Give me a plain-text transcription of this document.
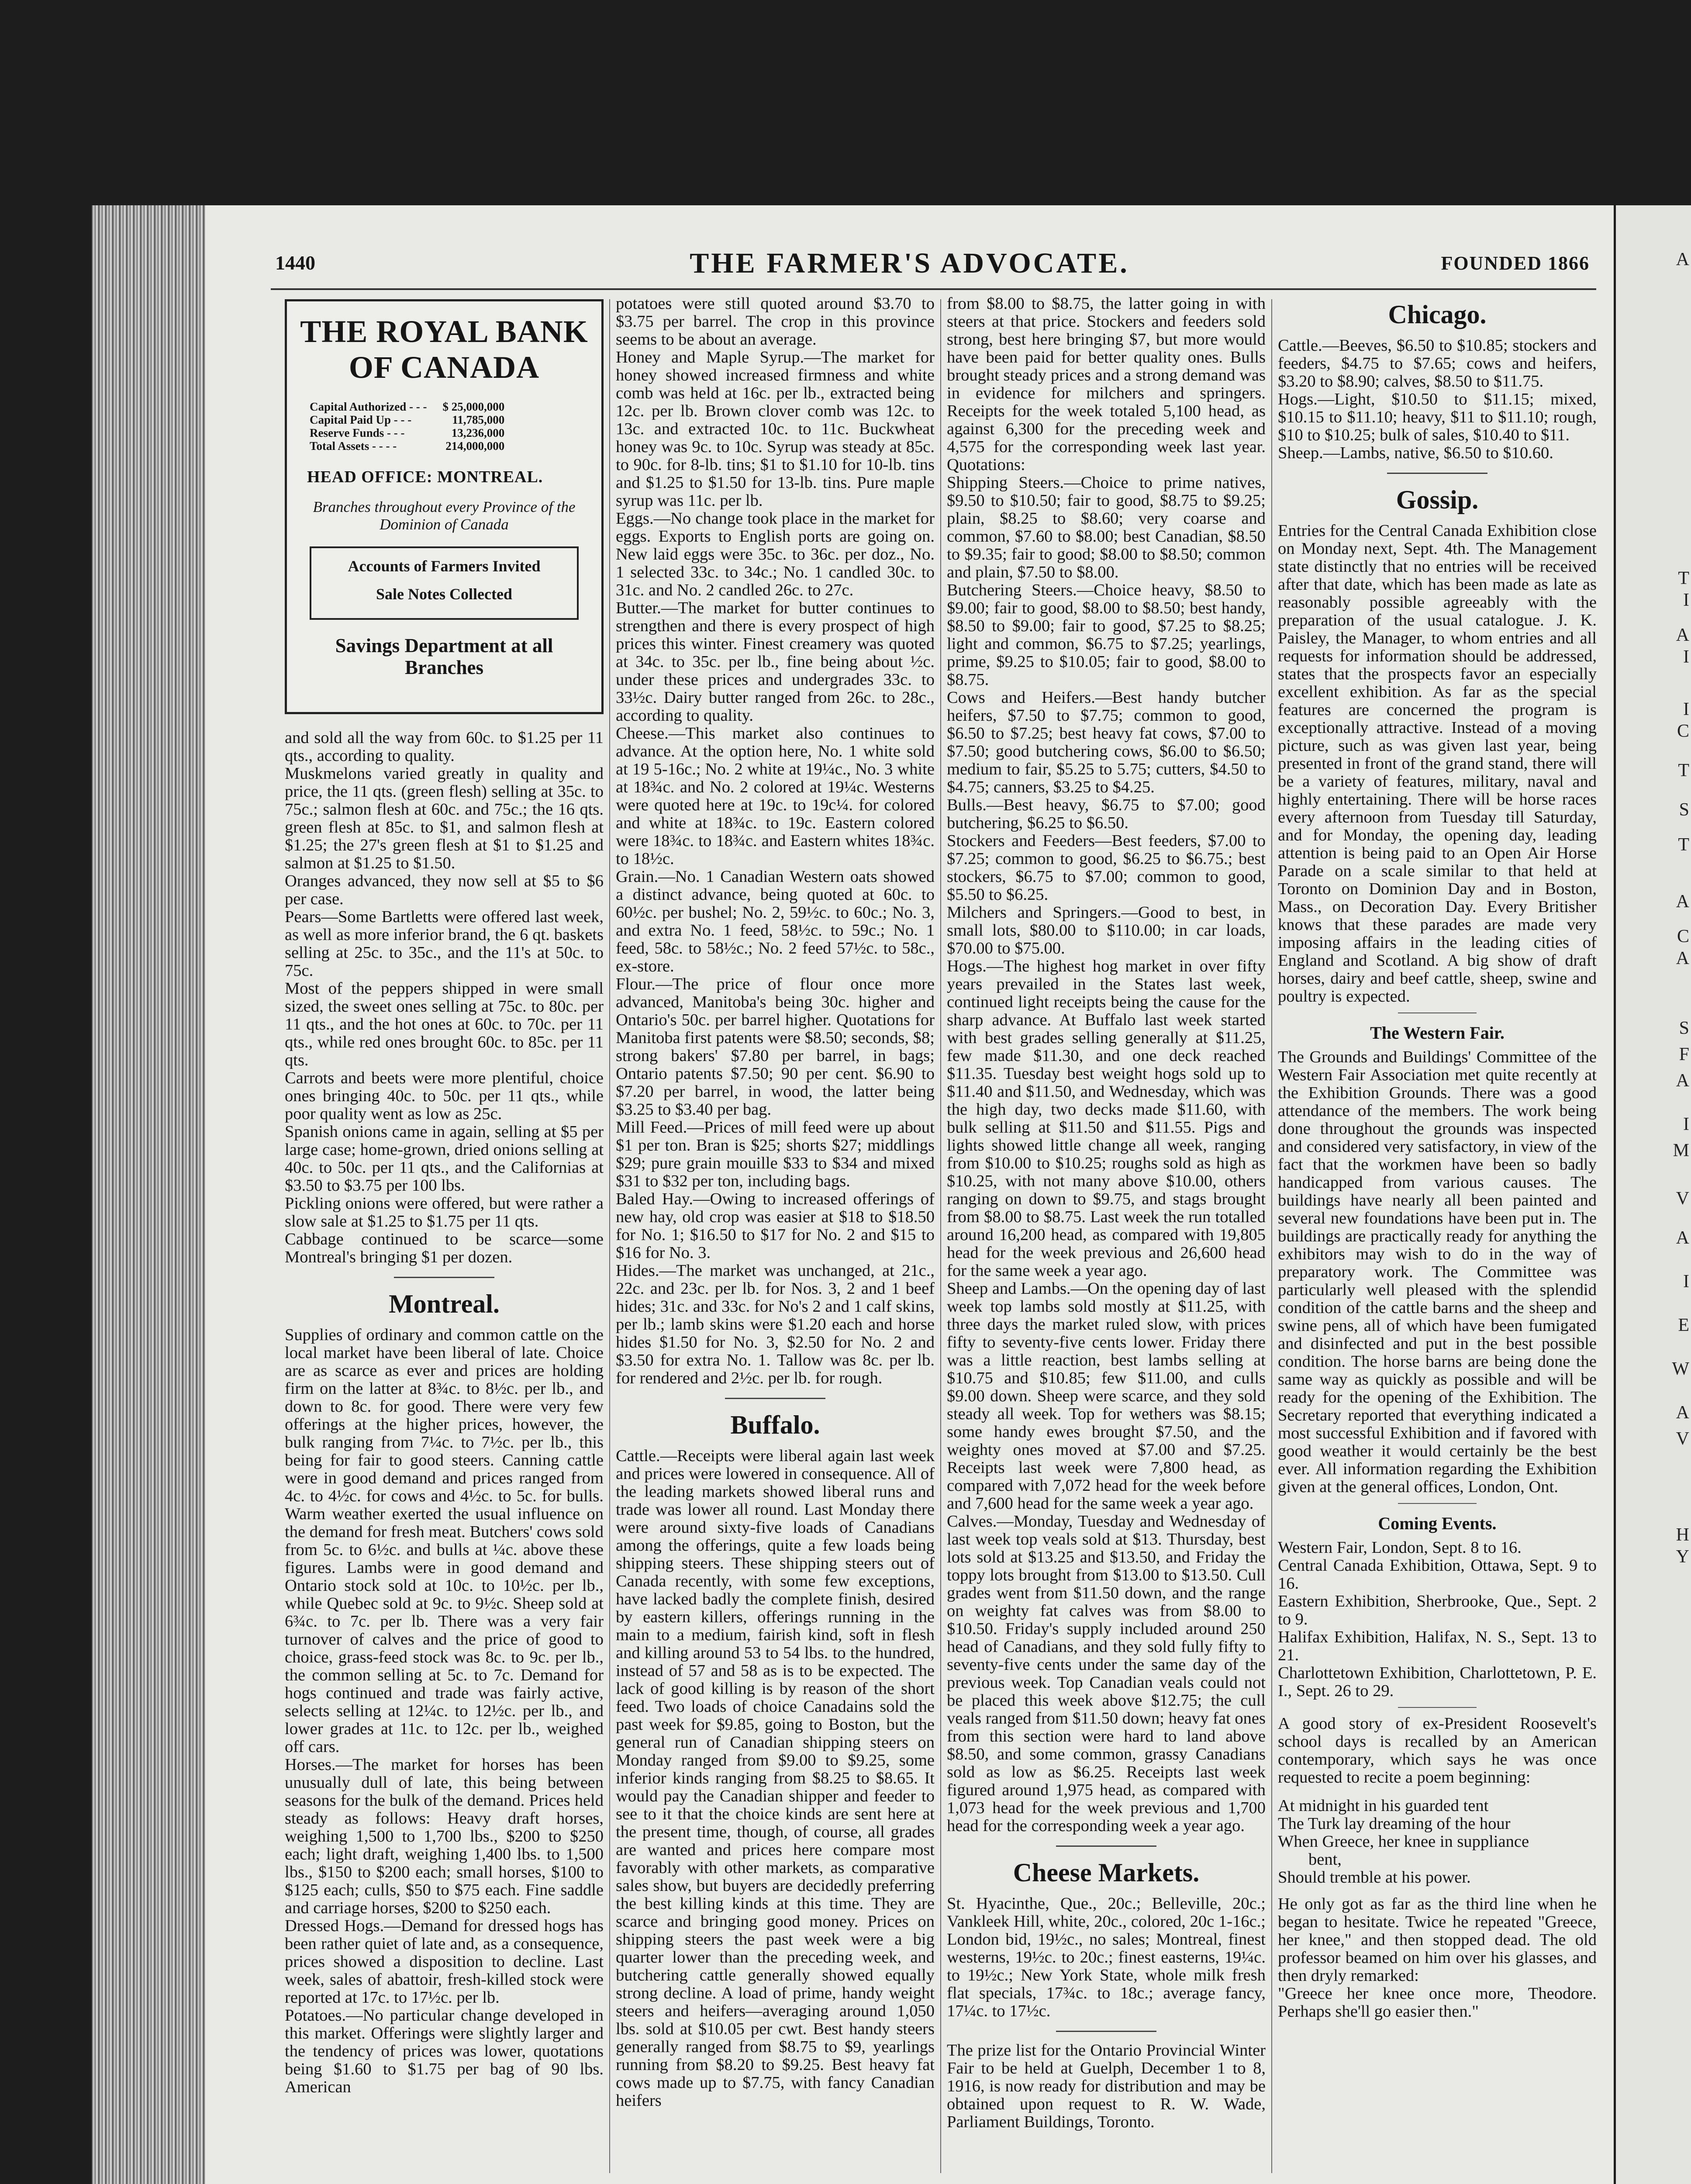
1440	THE FARMER'S ADVOCATE.	FOUNDED 1866
THE ROYAL BANK OF CANADA
Capital Authorized - - -	$ 25,000,000
Capital Paid Up - - -	11,785,000
Reserve Funds - - -	13,236,000
Total Assets - - - -	214,000,000
HEAD OFFICE: MONTREAL.
Branches throughout every Province of the Dominion of Canada
Accounts of Farmers Invited
Sale Notes Collected
Savings Department at all Branches

and sold all the way from 60c. to $1.25 per 11 qts., according to quality.

Muskmelons varied greatly in quality and price, the 11 qts. (green flesh) selling at 35c. to 75c.; salmon flesh at 60c. and 75c.; the 16 qts. green flesh at 85c. to $1, and salmon flesh at $1.25; the 27's green flesh at $1 to $1.25 and salmon at $1.25 to $1.50.

Oranges advanced, they now sell at $5 to $6 per case.

Pears—Some Bartletts were offered last week, as well as more inferior brand, the 6 qt. baskets selling at 25c. to 35c., and the 11's at 50c. to 75c.

Most of the peppers shipped in were small sized, the sweet ones selling at 75c. to 80c. per 11 qts., and the hot ones at 60c. to 70c. per 11 qts., while red ones brought 60c. to 85c. per 11 qts.

Carrots and beets were more plentiful, choice ones bringing 40c. to 50c. per 11 qts., while poor quality went as low as 25c.

Spanish onions came in again, selling at $5 per large case; home-grown, dried onions selling at 40c. to 50c. per 11 qts., and the Californias at $3.50 to $3.75 per 100 lbs.

Pickling onions were offered, but were rather a slow sale at $1.25 to $1.75 per 11 qts.

Cabbage continued to be scarce—some Montreal's bringing $1 per dozen.

Montreal.

Supplies of ordinary and common cattle on the local market have been liberal of late. Choice are as scarce as ever and prices are holding firm on the latter at 8¾c. to 8½c. per lb., and down to 8c. for good. There were very few offerings at the higher prices, however, the bulk ranging from 7¼c. to 7½c. per lb., this being for fair to good steers. Canning cattle were in good demand and prices ranged from 4c. to 4½c. for cows and 4½c. to 5c. for bulls. Warm weather exerted the usual influence on the demand for fresh meat. Butchers' cows sold from 5c. to 6½c. and bulls at ¼c. above these figures. Lambs were in good demand and Ontario stock sold at 10c. to 10½c. per lb., while Quebec sold at 9c. to 9½c. Sheep sold at 6¾c. to 7c. per lb. There was a very fair turnover of calves and the price of good to choice, grass-feed stock was 8c. to 9c. per lb., the common selling at 5c. to 7c. Demand for hogs continued and trade was fairly active, selects selling at 12¼c. to 12½c. per lb., and lower grades at 11c. to 12c. per lb., weighed off cars.

Horses.—The market for horses has been unusually dull of late, this being between seasons for the bulk of the demand. Prices held steady as follows: Heavy draft horses, weighing 1,500 to 1,700 lbs., $200 to $250 each; light draft, weighing 1,400 lbs. to 1,500 lbs., $150 to $200 each; small horses, $100 to $125 each; culls, $50 to $75 each. Fine saddle and carriage horses, $200 to $250 each.

Dressed Hogs.—Demand for dressed hogs has been rather quiet of late and, as a consequence, prices showed a disposition to decline. Last week, sales of abattoir, fresh-killed stock were reported at 17c. to 17½c. per lb.

Potatoes.—No particular change developed in this market. Offerings were slightly larger and the tendency of prices was lower, quotations being $1.60 to $1.75 per bag of 90 lbs. American

potatoes were still quoted around $3.70 to $3.75 per barrel. The crop in this province seems to be about an average.

Honey and Maple Syrup.—The market for honey showed increased firmness and white comb was held at 16c. per lb., extracted being 12c. per lb. Brown clover comb was 12c. to 13c. and extracted 10c. to 11c. Buckwheat honey was 9c. to 10c. Syrup was steady at 85c. to 90c. for 8-lb. tins; $1 to $1.10 for 10-lb. tins and $1.25 to $1.50 for 13-lb. tins. Pure maple syrup was 11c. per lb.

Eggs.—No change took place in the market for eggs. Exports to English ports are going on. New laid eggs were 35c. to 36c. per doz., No. 1 selected 33c. to 34c.; No. 1 candled 30c. to 31c. and No. 2 candled 26c. to 27c.

Butter.—The market for butter continues to strengthen and there is every prospect of high prices this winter. Finest creamery was quoted at 34c. to 35c. per lb., fine being about ½c. under these prices and undergrades 33c. to 33½c. Dairy butter ranged from 26c. to 28c., according to quality.

Cheese.—This market also continues to advance. At the option here, No. 1 white sold at 19 5-16c.; No. 2 white at 19¼c., No. 3 white at 18¾c. and No. 2 colored at 19¼c. Westerns were quoted here at 19c. to 19c¼. for colored and white at 18¾c. to 19c. Eastern colored were 18¾c. to 18¾c. and Eastern whites 18¾c. to 18½c.

Grain.—No. 1 Canadian Western oats showed a distinct advance, being quoted at 60c. to 60½c. per bushel; No. 2, 59½c. to 60c.; No. 3, and extra No. 1 feed, 58½c. to 59c.; No. 1 feed, 58c. to 58½c.; No. 2 feed 57½c. to 58c., ex-store.

Flour.—The price of flour once more advanced, Manitoba's being 30c. higher and Ontario's 50c. per barrel higher. Quotations for Manitoba first patents were $8.50; seconds, $8; strong bakers' $7.80 per barrel, in bags; Ontario patents $7.50; 90 per cent. $6.90 to $7.20 per barrel, in wood, the latter being $3.25 to $3.40 per bag.

Mill Feed.—Prices of mill feed were up about $1 per ton. Bran is $25; shorts $27; middlings $29; pure grain mouille $33 to $34 and mixed $31 to $32 per ton, including bags.

Baled Hay.—Owing to increased offerings of new hay, old crop was easier at $18 to $18.50 for No. 1; $16.50 to $17 for No. 2 and $15 to $16 for No. 3.

Hides.—The market was unchanged, at 21c., 22c. and 23c. per lb. for Nos. 3, 2 and 1 beef hides; 31c. and 33c. for No's 2 and 1 calf skins, per lb.; lamb skins were $1.20 each and horse hides $1.50 for No. 3, $2.50 for No. 2 and $3.50 for extra No. 1. Tallow was 8c. per lb. for rendered and 2½c. per lb. for rough.

Buffalo.

Cattle.—Receipts were liberal again last week and prices were lowered in consequence. All of the leading markets showed liberal runs and trade was lower all round. Last Monday there were around sixty-five loads of Canadians among the offerings, quite a few loads being shipping steers. These shipping steers out of Canada recently, with some few exceptions, have lacked badly the complete finish, desired by eastern killers, offerings running in the main to a medium, fairish kind, soft in flesh and killing around 53 to 54 lbs. to the hundred, instead of 57 and 58 as is to be expected. The lack of good killing is by reason of the short feed. Two loads of choice Canadains sold the past week for $9.85, going to Boston, but the general run of Canadian shipping steers on Monday ranged from $9.00 to $9.25, some inferior kinds ranging from $8.25 to $8.65. It would pay the Canadian shipper and feeder to see to it that the choice kinds are sent here at the present time, though, of course, all grades are wanted and prices here compare most favorably with other markets, as comparative sales show, but buyers are decidedly preferring the best killing kinds at this time. They are scarce and bringing good money. Prices on shipping steers the past week were a big quarter lower than the preceding week, and butchering cattle generally showed equally strong decline. A load of prime, handy weight steers and heifers—averaging around 1,050 lbs. sold at $10.05 per cwt. Best handy steers generally ranged from $8.75 to $9, yearlings running from $8.20 to $9.25. Best heavy fat cows made up to $7.75, with fancy Canadian heifers

from $8.00 to $8.75, the latter going in with steers at that price. Stockers and feeders sold strong, best here bringing $7, but more would have been paid for better quality ones. Bulls brought steady prices and a strong demand was in evidence for milchers and springers. Receipts for the week totaled 5,100 head, as against 6,300 for the preceding week and 4,575 for the corresponding week last year. Quotations:

Shipping Steers.—Choice to prime natives, $9.50 to $10.50; fair to good, $8.75 to $9.25; plain, $8.25 to $8.60; very coarse and common, $7.60 to $8.00; best Canadian, $8.50 to $9.35; fair to good; $8.00 to $8.50; common and plain, $7.50 to $8.00.

Butchering Steers.—Choice heavy, $8.50 to $9.00; fair to good, $8.00 to $8.50; best handy, $8.50 to $9.00; fair to good, $7.25 to $8.25; light and common, $6.75 to $7.25; yearlings, prime, $9.25 to $10.05; fair to good, $8.00 to $8.75.

Cows and Heifers.—Best handy butcher heifers, $7.50 to $7.75; common to good, $6.50 to $7.25; best heavy fat cows, $7.00 to $7.50; good butchering cows, $6.00 to $6.50; medium to fair, $5.25 to 5.75; cutters, $4.50 to $4.75; canners, $3.25 to $4.25.

Bulls.—Best heavy, $6.75 to $7.00; good butchering, $6.25 to $6.50.

Stockers and Feeders—Best feeders, $7.00 to $7.25; common to good, $6.25 to $6.75.; best stockers, $6.75 to $7.00; common to good, $5.50 to $6.25.

Milchers and Springers.—Good to best, in small lots, $80.00 to $110.00; in car loads, $70.00 to $75.00.

Hogs.—The highest hog market in over fifty years prevailed in the States last week, continued light receipts being the cause for the sharp advance. At Buffalo last week started with best grades selling generally at $11.25, few made $11.30, and one deck reached $11.35. Tuesday best weight hogs sold up to $11.40 and $11.50, and Wednesday, which was the high day, two decks made $11.60, with bulk selling at $11.50 and $11.55. Pigs and lights showed little change all week, ranging from $10.00 to $10.25; roughs sold as high as $10.25, with not many above $10.00, others ranging on down to $9.75, and stags brought from $8.00 to $8.75. Last week the run totalled around 16,200 head, as compared with 19,805 head for the week previous and 26,600 head for the same week a year ago.

Sheep and Lambs.—On the opening day of last week top lambs sold mostly at $11.25, with three days the market ruled slow, with prices fifty to seventy-five cents lower. Friday there was a little reaction, best lambs selling at $10.75 and $10.85; few $11.00, and culls $9.00 down. Sheep were scarce, and they sold steady all week. Top for wethers was $8.15; some handy ewes brought $7.50, and the weighty ones moved at $7.00 and $7.25. Receipts last week were 7,800 head, as compared with 7,072 head for the week before and 7,600 head for the same week a year ago.

Calves.—Monday, Tuesday and Wednesday of last week top veals sold at $13. Thursday, best lots sold at $13.25 and $13.50, and Friday the toppy lots brought from $13.00 to $13.50. Cull grades went from $11.50 down, and the range on weighty fat calves was from $8.00 to $10.50. Friday's supply included around 250 head of Canadians, and they sold fully fifty to seventy-five cents under the same day of the previous week. Top Canadian veals could not be placed this week above $12.75; the cull veals ranged from $11.50 down; heavy fat ones from this section were hard to land above $8.50, and some common, grassy Canadians sold as low as $6.25. Receipts last week figured around 1,975 head, as compared with 1,073 head for the week previous and 1,700 head for the corresponding week a year ago.

Cheese Markets.

St. Hyacinthe, Que., 20c.; Belleville, 20c.; Vankleek Hill, white, 20c., colored, 20c 1-16c.; London bid, 19½c., no sales; Montreal, finest westerns, 19½c. to 20c.; finest easterns, 19¼c. to 19½c.; New York State, whole milk fresh flat specials, 17¾c. to 18c.; average fancy, 17¼c. to 17½c.

The prize list for the Ontario Provincial Winter Fair to be held at Guelph, December 1 to 8, 1916, is now ready for distribution and may be obtained upon request to R. W. Wade, Parliament Buildings, Toronto.

Chicago.

Cattle.—Beeves, $6.50 to $10.85; stockers and feeders, $4.75 to $7.65; cows and heifers, $3.20 to $8.90; calves, $8.50 to $11.75.

Hogs.—Light, $10.50 to $11.15; mixed, $10.15 to $11.10; heavy, $11 to $11.10; rough, $10 to $10.25; bulk of sales, $10.40 to $11.

Sheep.—Lambs, native, $6.50 to $10.60.

Gossip.

Entries for the Central Canada Exhibition close on Monday next, Sept. 4th. The Management state distinctly that no entries will be received after that date, which has been made as late as reasonably possible agreeably with the preparation of the usual catalogue. J. K. Paisley, the Manager, to whom entries and all requests for information should be addressed, states that the prospects favor an especially excellent exhibition. As far as the special features are concerned the program is exceptionally attractive. Instead of a moving picture, such as was given last year, being presented in front of the grand stand, there will be a variety of features, military, naval and highly entertaining. There will be horse races every afternoon from Tuesday till Saturday, and for Monday, the opening day, leading attention is being paid to an Open Air Horse Parade on a scale similar to that held at Toronto on Dominion Day and in Boston, Mass., on Decoration Day. Every Britisher knows that these parades are made very imposing affairs in the leading cities of England and Scotland. A big show of draft horses, dairy and beef cattle, sheep, swine and poultry is expected.

The Western Fair.

The Grounds and Buildings' Committee of the Western Fair Association met quite recently at the Exhibition Grounds. There was a good attendance of the members. The work being done throughout the grounds was inspected and considered very satisfactory, in view of the fact that the workmen have been so badly handicapped from various causes. The buildings have nearly all been painted and several new foundations have been put in. The buildings are practically ready for anything the exhibitors may wish to do in the way of preparatory work. The Committee was particularly well pleased with the splendid condition of the cattle barns and the sheep and swine pens, all of which have been fumigated and disinfected and put in the best possible condition. The horse barns are being done the same way as quickly as possible and will be ready for the opening of the Exhibition. The Secretary reported that everything indicated a most successful Exhibition and if favored with good weather it would certainly be the best ever. All information regarding the Exhibition given at the general offices, London, Ont.

Coming Events.

Western Fair, London, Sept. 8 to 16.

Central Canada Exhibition, Ottawa, Sept. 9 to 16.

Eastern Exhibition, Sherbrooke, Que., Sept. 2 to 9.

Halifax Exhibition, Halifax, N. S., Sept. 13 to 21.

Charlottetown Exhibition, Charlottetown, P. E. I., Sept. 26 to 29.

A good story of ex-President Roosevelt's school days is recalled by an American contemporary, which says he was once requested to recite a poem beginning:

At midnight in his guarded tent
The Turk lay dreaming of the hour
When Greece, her knee in suppliance
bent,
Should tremble at his power.

He only got as far as the third line when he began to hesitate. Twice he repeated "Greece, her knee," and then stopped dead. The old professor beamed on him over his glasses, and then dryly remarked:

"Greece her knee once more, Theodore. Perhaps she'll go easier then."

A
T
I
A
I
I
C
T
S
T
A
C
A
S
F
A
I
M
V
A
I
E
W
A
V
H
Y
